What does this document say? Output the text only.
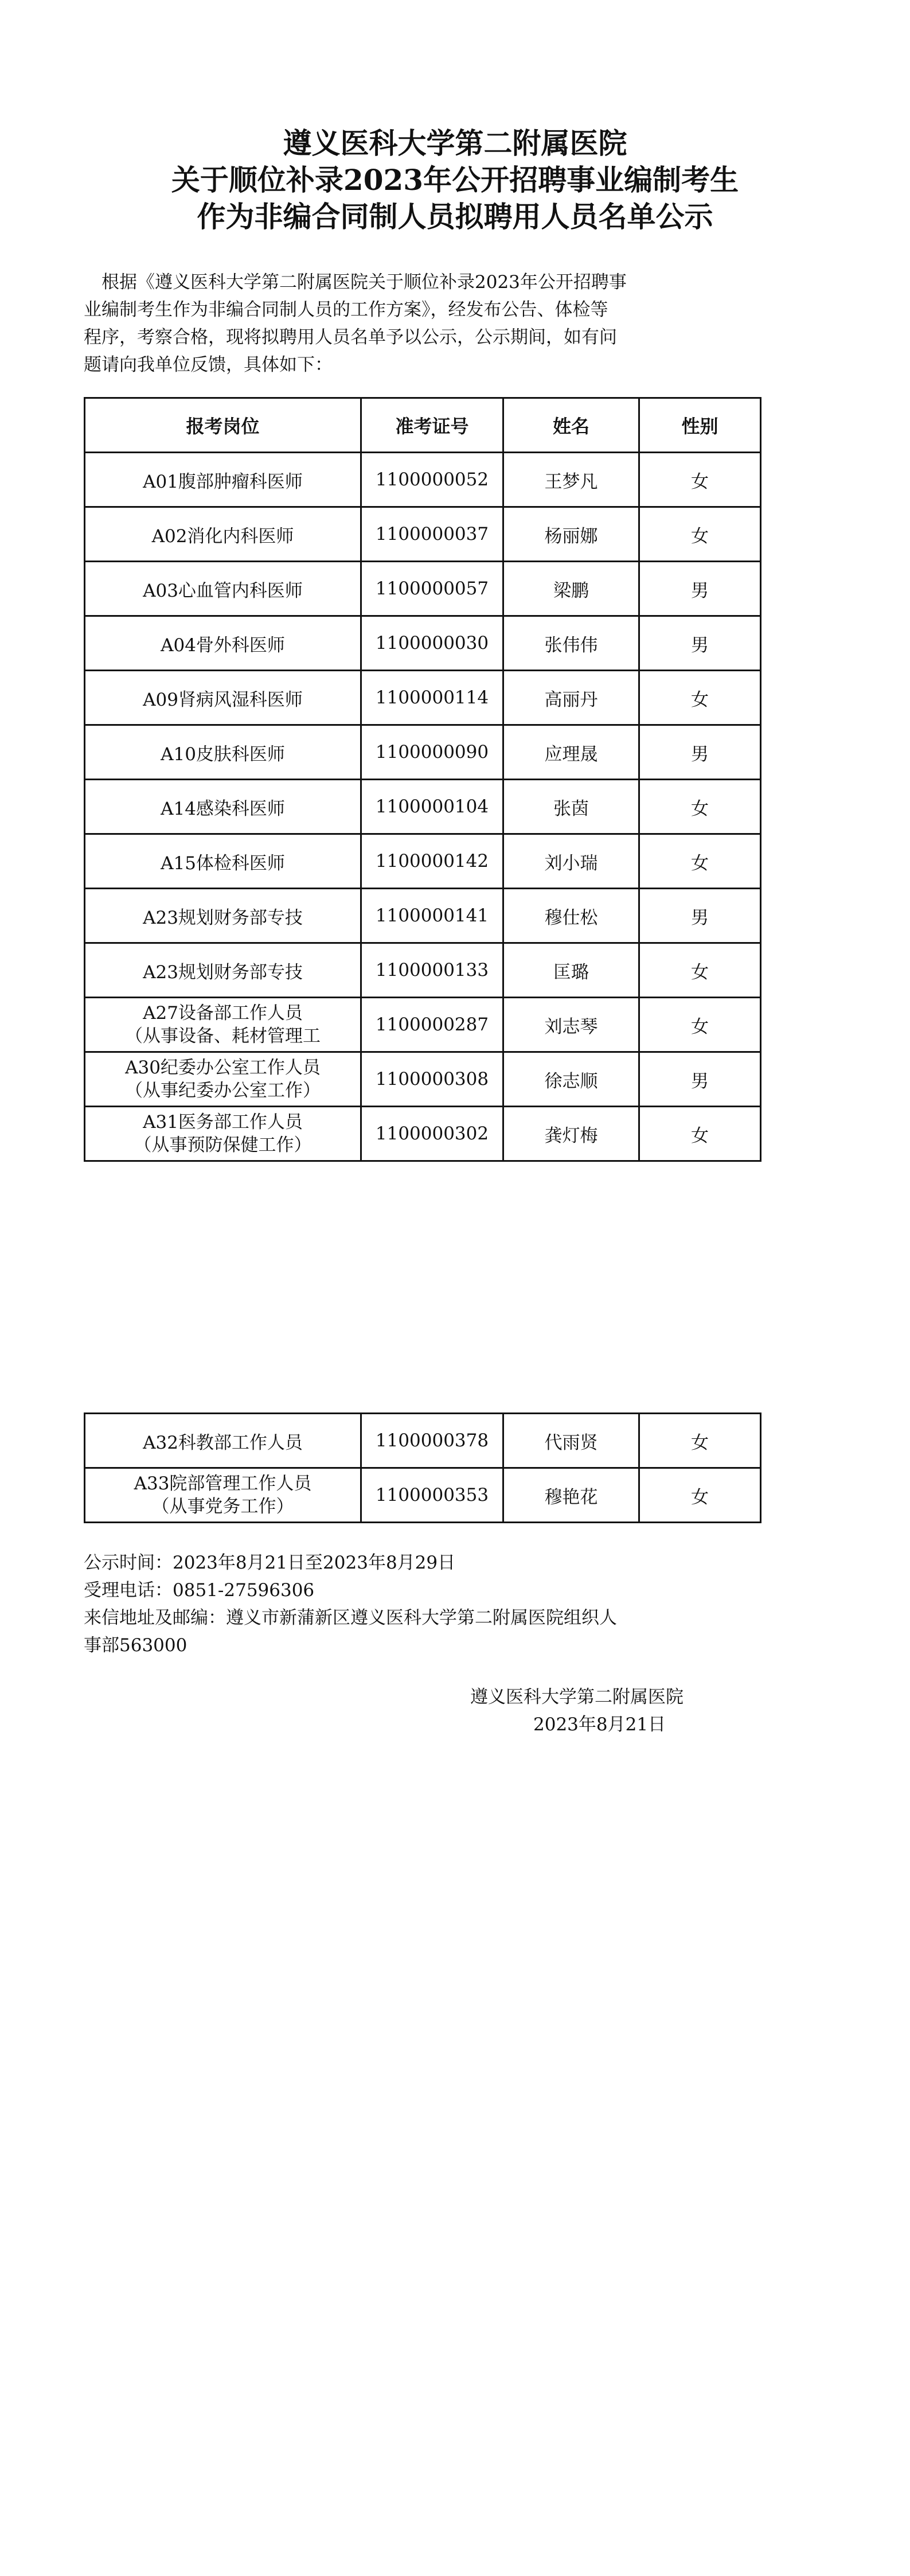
遵义医科大学第二附属医院
关于顺位补录2023年公开招聘事业编制考生
作为非编合同制人员拟聘用人员名单公示
　根据《遵义医科大学第二附属医院关于顺位补录2023年公开招聘事
业编制考生作为非编合同制人员的工作方案》，经发布公告、体检等
程序，考察合格，现将拟聘用人员名单予以公示，公示期间，如有问
题请向我单位反馈，具体如下：
报考岗位	准考证号	姓名	性别
A01腹部肿瘤科医师	1100000052	王梦凡	女
A02消化内科医师	1100000037	杨丽娜	女
A03心血管内科医师	1100000057	梁鹏	男
A04骨外科医师	1100000030	张伟伟	男
A09肾病风湿科医师	1100000114	高丽丹	女
A10皮肤科医师	1100000090	应理晟	男
A14感染科医师	1100000104	张茵	女
A15体检科医师	1100000142	刘小瑞	女
A23规划财务部专技	1100000141	穆仕松	男
A23规划财务部专技	1100000133	匡璐	女

A27设备部工作人员
（从事设备、耗材管理工	1100000287	刘志琴	女

A30纪委办公室工作人员
（从事纪委办公室工作）	1100000308	徐志顺	男

A31医务部工作人员
（从事预防保健工作）	1100000302	龚灯梅	女
A32科教部工作人员	1100000378	代雨贤	女

A33院部管理工作人员
（从事党务工作）	1100000353	穆艳花	女
公示时间：2023年8月21日至2023年8月29日
受理电话：0851-27596306
来信地址及邮编：遵义市新蒲新区遵义医科大学第二附属医院组织人
事部563000
遵义医科大学第二附属医院
2023年8月21日
